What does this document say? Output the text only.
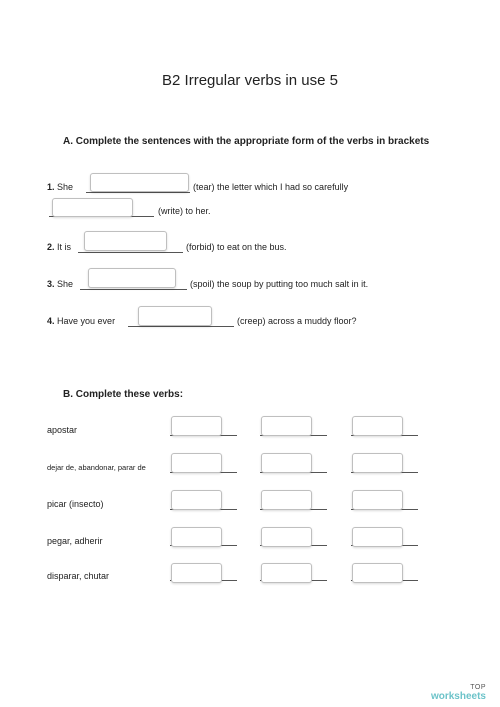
B2 Irregular verbs in use 5
A. Complete the sentences with the appropriate form of the verbs in brackets
1. She	(tear) the letter which I had so carefully
(write) to her.
2. It is	(forbid) to eat on the bus.
3. She	(spoil) the soup by putting too much salt in it.
4. Have you ever	(creep) across a muddy floor?
B. Complete these verbs:
apostar
dejar de, abandonar, parar de
picar (insecto)
pegar, adherir
disparar, chutar
TOP
worksheets
